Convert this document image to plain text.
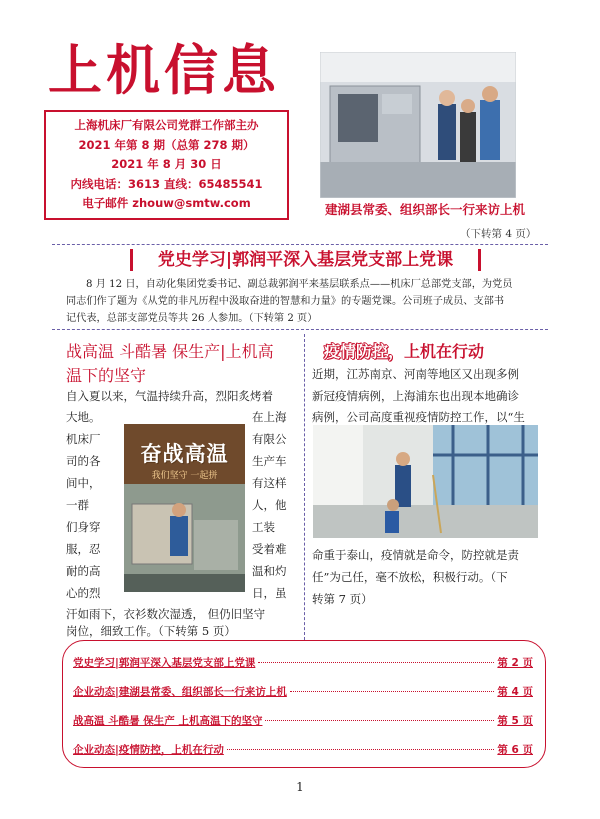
上机信息
上海机床厂有限公司党群工作部主办
2021 年第 8 期（总第 278 期）
2021 年 8 月 30 日
内线电话：3613 直线：65485541
电子邮件 zhouw@smtw.com	建湖县常委、组织部长一行来访上机
（下转第 4 页）
党史学习|郭润平深入基层党支部上党课
8 月 12 日，自动化集团党委书记、副总裁郭润平来基层联系点——机床厂总部党支部，为党员
同志们作了题为《从党的非凡历程中汲取奋进的智慧和力量》的专题党课。公司班子成员、支部书
记代表，总部支部党员等共 26 人参加。（下转第 2 页）
战高温 斗酷暑 保生产|上机高温下的坚守
自入夏以来，气温持续升高，烈阳炙烤着
大地。
机床厂
司的各
间中，
一群
们身穿
服，忍
耐的高
心的烈
在上海
有限公
生产车
有这样
人，他
工装
受着难
温和灼
日，虽
汗如雨下，衣衫数次湿透， 但仍旧坚守
岗位，细致工作。（下转第 5 页）
奋战高温
我们坚守 一起拼
疫情防控，上机在行动
近期，江苏南京、河南等地区又出现多例
新冠疫情病例，上海浦东也出现本地确诊
病例，公司高度重视疫情防控工作，以“生
命重于泰山，疫情就是命令，防控就是责
任”为己任，毫不放松，积极行动。（下
转第 7 页）
党史学习|郭润平深入基层党支部上党课	第 2 页
企业动态|建湖县常委、组织部长一行来访上机	第 4 页
战高温 斗酷暑 保生产 上机高温下的坚守	第 5 页
企业动态|疫情防控，上机在行动	第 6 页
1
